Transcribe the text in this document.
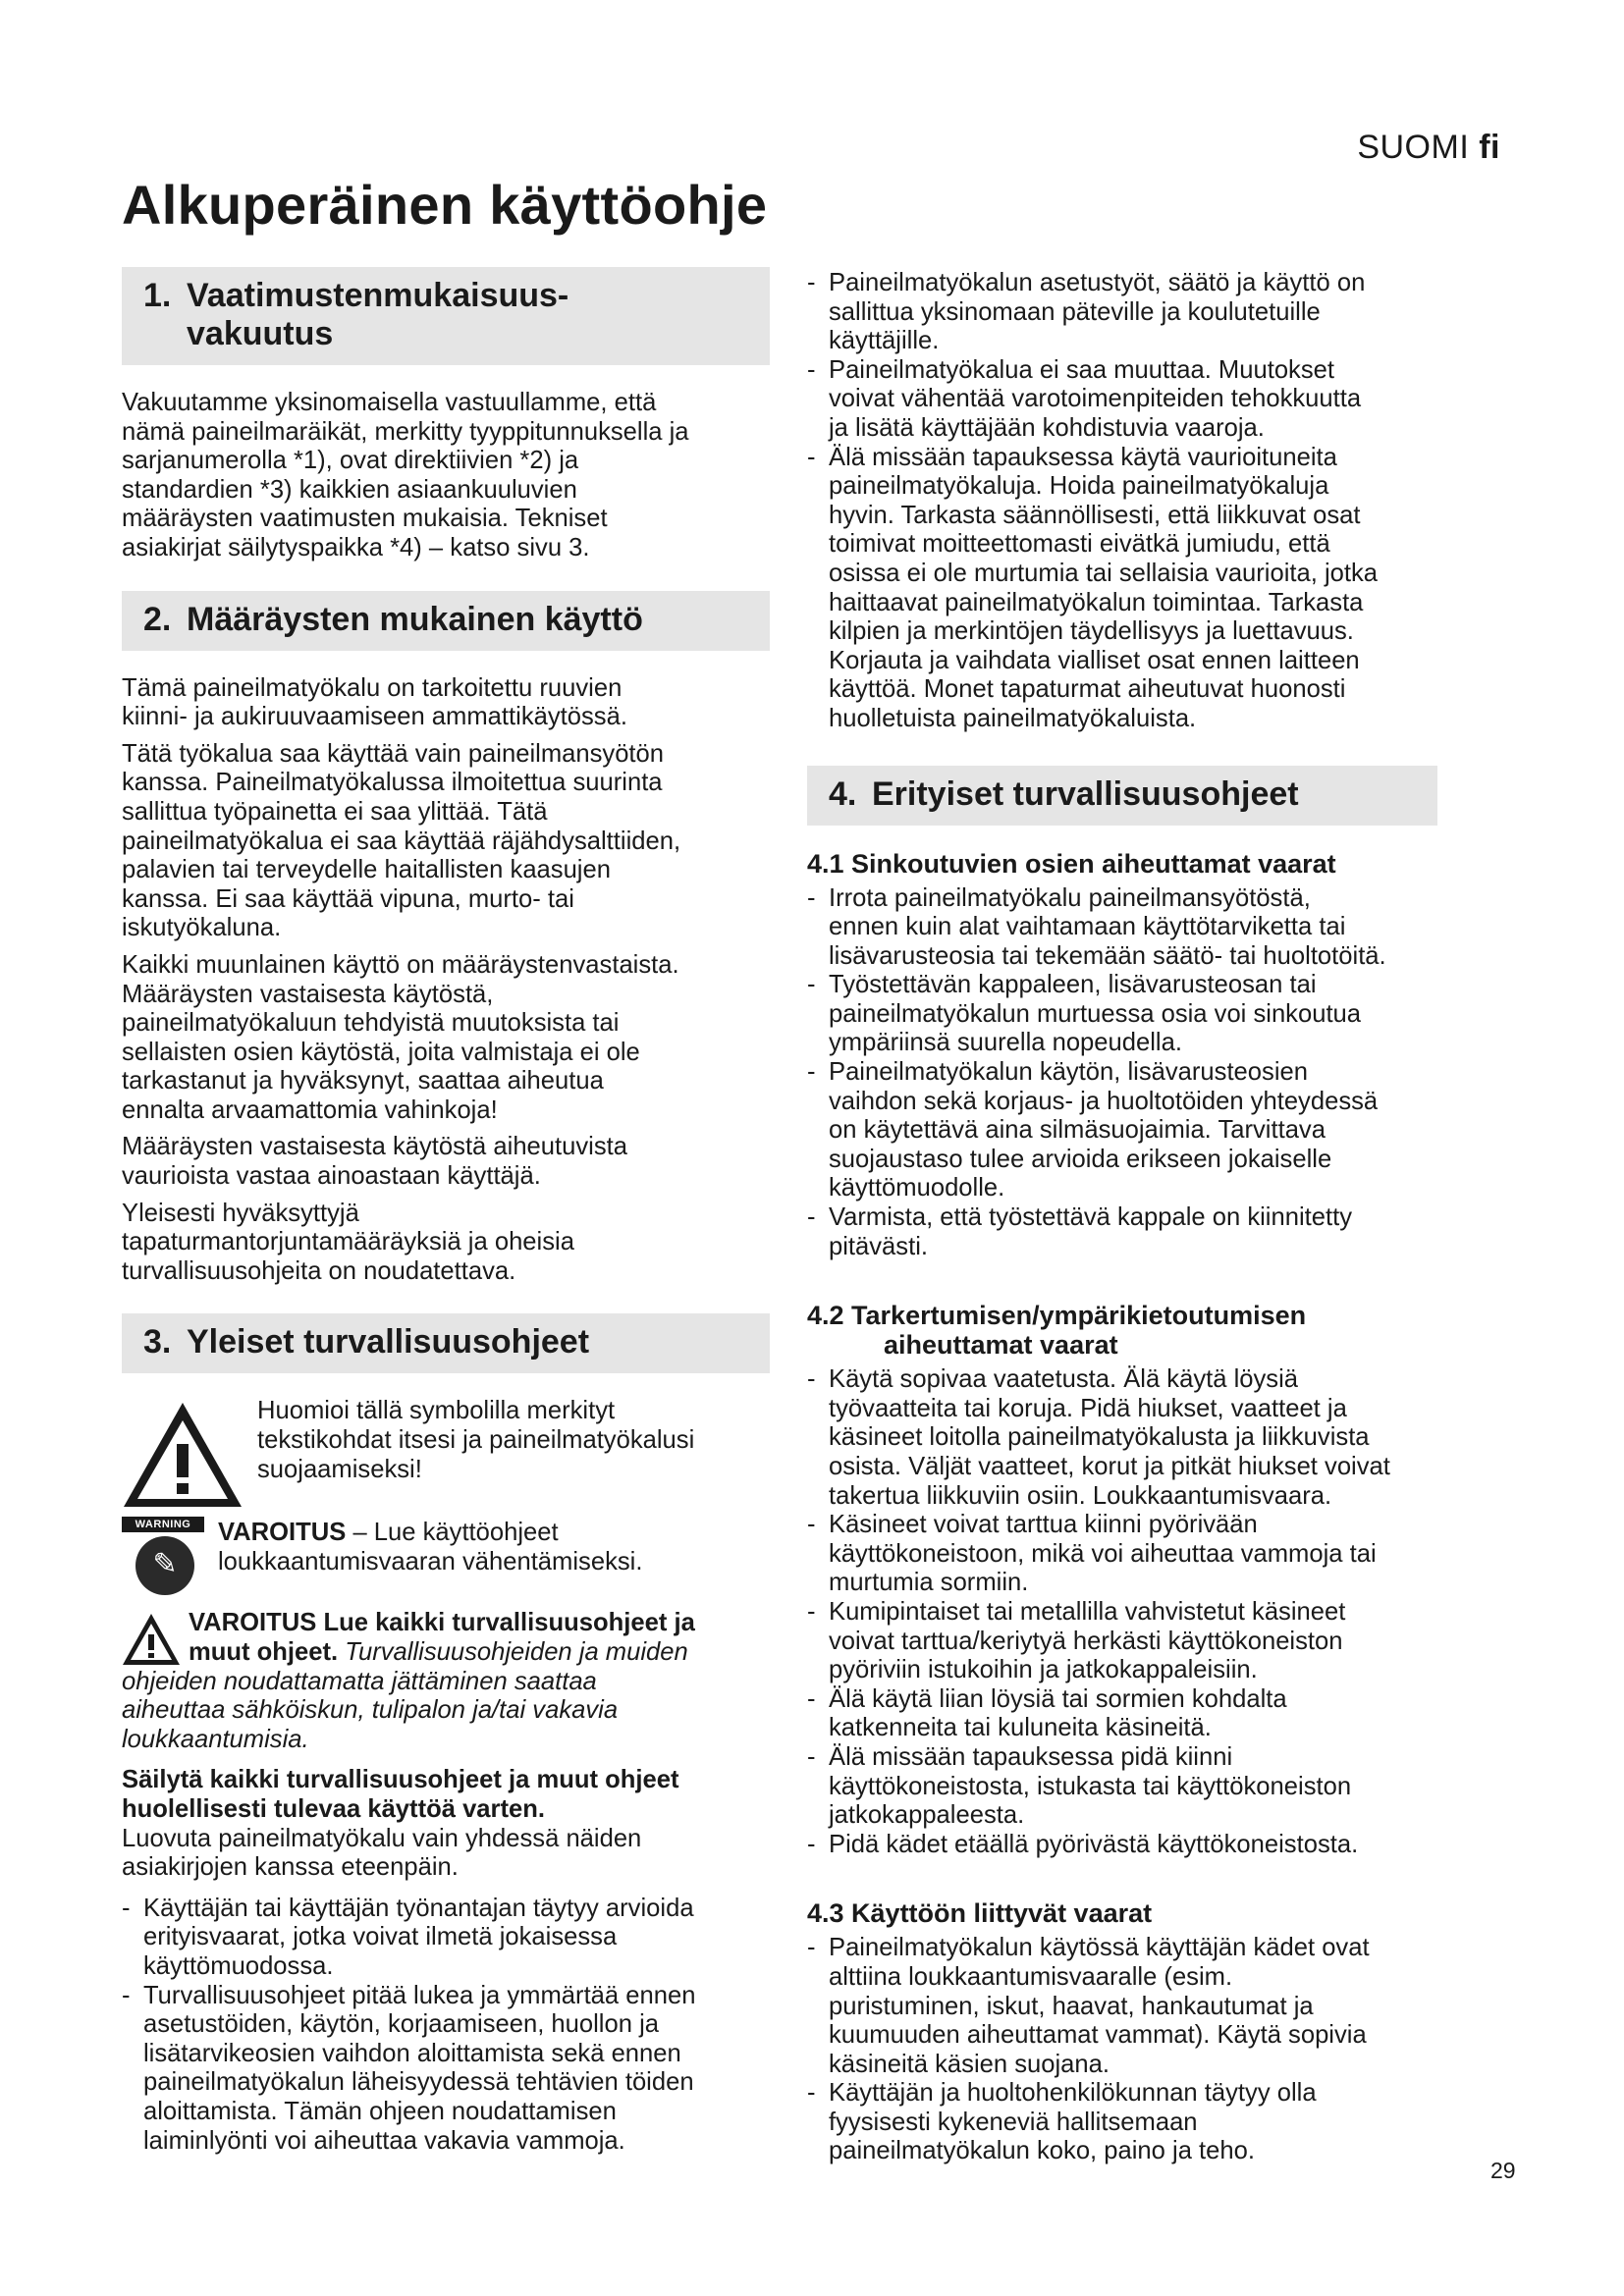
SUOMI fi
Alkuperäinen käyttöohje
1. Vaatimustenmukaisuus-
vakuutus
Vakuutamme yksinomaisella vastuullamme, että
nämä paineilmaräikät, merkitty tyyppitunnuksella ja
sarjanumerolla *1), ovat direktiivien *2) ja
standardien *3) kaikkien asiaankuuluvien
määräysten vaatimusten mukaisia. Tekniset
asiakirjat säilytyspaikka *4) – katso sivu 3.
2. Määräysten mukainen käyttö
Tämä paineilmatyökalu on tarkoitettu ruuvien
kiinni- ja aukiruuvaamiseen ammattikäytössä.
Tätä työkalua saa käyttää vain paineilmansyötön
kanssa. Paineilmatyökalussa ilmoitettua suurinta
sallittua työpainetta ei saa ylittää. Tätä
paineilmatyökalua ei saa käyttää räjähdysalttiiden,
palavien tai terveydelle haitallisten kaasujen
kanssa. Ei saa käyttää vipuna, murto- tai
iskutyökaluna.
Kaikki muunlainen käyttö on määräystenvastaista.
Määräysten vastaisesta käytöstä,
paineilmatyökaluun tehdyistä muutoksista tai
sellaisten osien käytöstä, joita valmistaja ei ole
tarkastanut ja hyväksynyt, saattaa aiheutua
ennalta arvaamattomia vahinkoja!
Määräysten vastaisesta käytöstä aiheutuvista
vaurioista vastaa ainoastaan käyttäjä.
Yleisesti hyväksyttyjä
tapaturmantorjuntamääräyksiä ja oheisia
turvallisuusohjeita on noudatettava.
3. Yleiset turvallisuusohjeet
Huomioi tällä symbolilla merkityt
tekstikohdat itsesi ja paineilmatyökalusi
suojaamiseksi!
WARNING
✎
VAROITUS – Lue käyttöohjeet
loukkaantumisvaaran vähentämiseksi.
VAROITUS Lue kaikki turvallisuusohjeet ja
muut ohjeet. Turvallisuusohjeiden ja muiden
ohjeiden noudattamatta jättäminen saattaa
aiheuttaa sähköiskun, tulipalon ja/tai vakavia
loukkaantumisia.
Säilytä kaikki turvallisuusohjeet ja muut ohjeet
huolellisesti tulevaa käyttöä varten.
Luovuta paineilmatyökalu vain yhdessä näiden
asiakirjojen kanssa eteenpäin.
- Käyttäjän tai käyttäjän työnantajan täytyy arvioida
erityisvaarat, jotka voivat ilmetä jokaisessa
käyttömuodossa.
- Turvallisuusohjeet pitää lukea ja ymmärtää ennen
asetustöiden, käytön, korjaamiseen, huollon ja
lisätarvikeosien vaihdon aloittamista sekä ennen
paineilmatyökalun läheisyydessä tehtävien töiden
aloittamista. Tämän ohjeen noudattamisen
laiminlyönti voi aiheuttaa vakavia vammoja.
- Paineilmatyökalun asetustyöt, säätö ja käyttö on
sallittua yksinomaan päteville ja koulutetuille
käyttäjille.
- Paineilmatyökalua ei saa muuttaa. Muutokset
voivat vähentää varotoimenpiteiden tehokkuutta
ja lisätä käyttäjään kohdistuvia vaaroja.
- Älä missään tapauksessa käytä vaurioituneita
paineilmatyökaluja. Hoida paineilmatyökaluja
hyvin. Tarkasta säännöllisesti, että liikkuvat osat
toimivat moitteettomasti eivätkä jumiudu, että
osissa ei ole murtumia tai sellaisia vaurioita, jotka
haittaavat paineilmatyökalun toimintaa. Tarkasta
kilpien ja merkintöjen täydellisyys ja luettavuus.
Korjauta ja vaihdata vialliset osat ennen laitteen
käyttöä. Monet tapaturmat aiheutuvat huonosti
huolletuista paineilmatyökaluista.
4. Erityiset turvallisuusohjeet
4.1 Sinkoutuvien osien aiheuttamat vaarat
- Irrota paineilmatyökalu paineilmansyötöstä,
ennen kuin alat vaihtamaan käyttötarviketta tai
lisävarusteosia tai tekemään säätö- tai huoltotöitä.
- Työstettävän kappaleen, lisävarusteosan tai
paineilmatyökalun murtuessa osia voi sinkoutua
ympäriinsä suurella nopeudella.
- Paineilmatyökalun käytön, lisävarusteosien
vaihdon sekä korjaus- ja huoltotöiden yhteydessä
on käytettävä aina silmäsuojaimia. Tarvittava
suojaustaso tulee arvioida erikseen jokaiselle
käyttömuodolle.
- Varmista, että työstettävä kappale on kiinnitetty
pitävästi.
4.2 Tarkertumisen/ympärikietoutumisen
aiheuttamat vaarat
- Käytä sopivaa vaatetusta. Älä käytä löysiä
työvaatteita tai koruja. Pidä hiukset, vaatteet ja
käsineet loitolla paineilmatyökalusta ja liikkuvista
osista. Väljät vaatteet, korut ja pitkät hiukset voivat
takertua liikkuviin osiin. Loukkaantumisvaara.
- Käsineet voivat tarttua kiinni pyörivään
käyttökoneistoon, mikä voi aiheuttaa vammoja tai
murtumia sormiin.
- Kumipintaiset tai metallilla vahvistetut käsineet
voivat tarttua/keriytyä herkästi käyttökoneiston
pyöriviin istukoihin ja jatkokappaleisiin.
- Älä käytä liian löysiä tai sormien kohdalta
katkenneita tai kuluneita käsineitä.
- Älä missään tapauksessa pidä kiinni
käyttökoneistosta, istukasta tai käyttökoneiston
jatkokappaleesta.
- Pidä kädet etäällä pyörivästä käyttökoneistosta.
4.3 Käyttöön liittyvät vaarat
- Paineilmatyökalun käytössä käyttäjän kädet ovat
alttiina loukkaantumisvaaralle (esim.
puristuminen, iskut, haavat, hankautumat ja
kuumuuden aiheuttamat vammat). Käytä sopivia
käsineitä käsien suojana.
- Käyttäjän ja huoltohenkilökunnan täytyy olla
fyysisesti kykeneviä hallitsemaan
paineilmatyökalun koko, paino ja teho.
29
